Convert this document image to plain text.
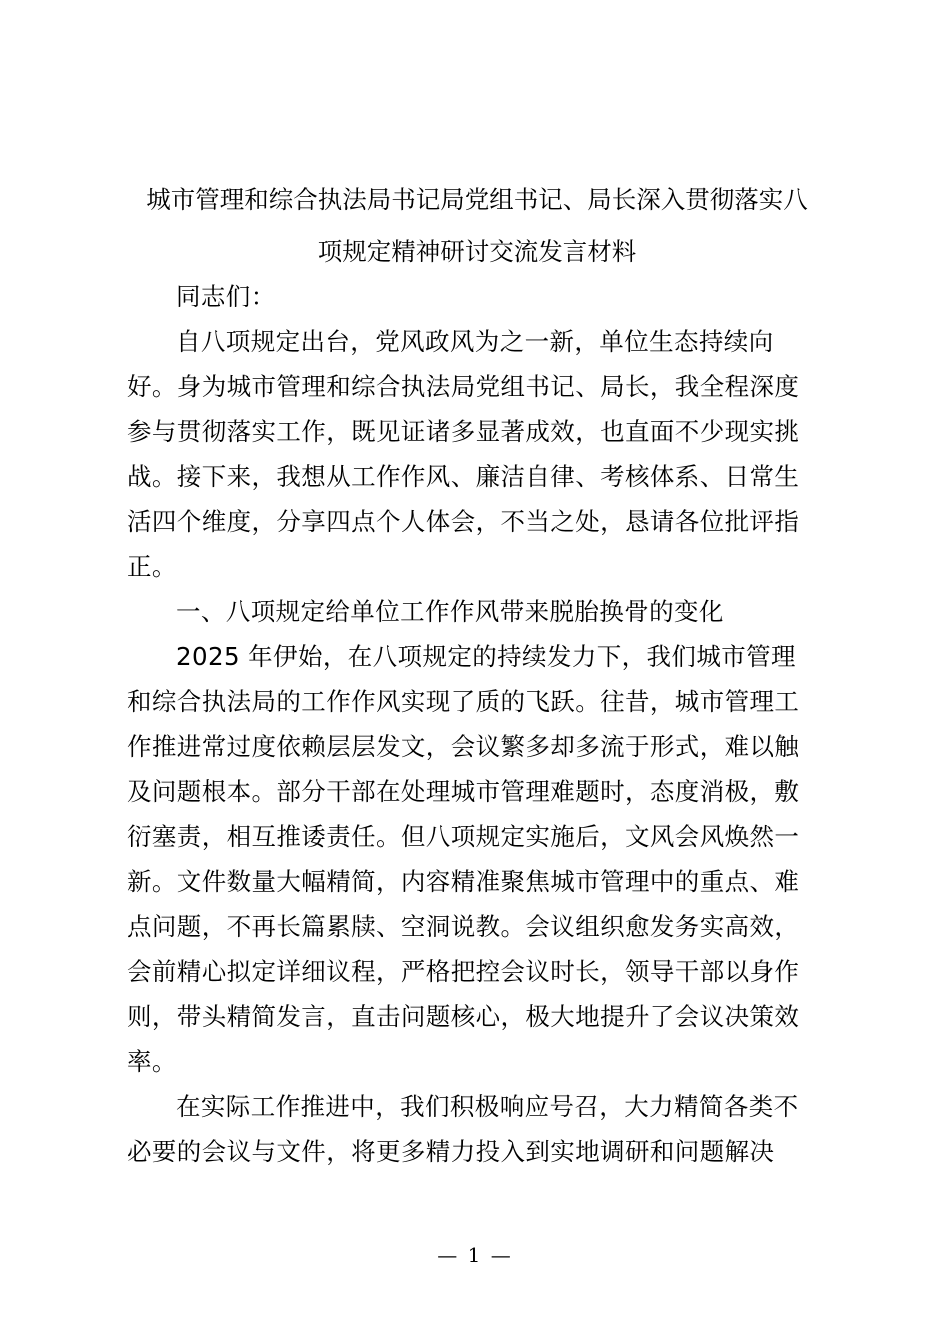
城市管理和综合执法局书记局党组书记、局长深入贯彻落实八
项规定精神研讨交流发言材料
同志们：
自八项规定出台，党风政风为之一新，单位生态持续向
好。身为城市管理和综合执法局党组书记、局长，我全程深度
参与贯彻落实工作，既见证诸多显著成效，也直面不少现实挑
战。接下来，我想从工作作风、廉洁自律、考核体系、日常生
活四个维度，分享四点个人体会，不当之处，恳请各位批评指
正。
一、八项规定给单位工作作风带来脱胎换骨的变化
2025 年伊始，在八项规定的持续发力下，我们城市管理
和综合执法局的工作作风实现了质的飞跃。往昔，城市管理工
作推进常过度依赖层层发文，会议繁多却多流于形式，难以触
及问题根本。部分干部在处理城市管理难题时，态度消极，敷
衍塞责，相互推诿责任。但八项规定实施后，文风会风焕然一
新。文件数量大幅精简，内容精准聚焦城市管理中的重点、难
点问题，不再长篇累牍、空洞说教。会议组织愈发务实高效，
会前精心拟定详细议程，严格把控会议时长，领导干部以身作
则，带头精简发言，直击问题核心，极大地提升了会议决策效
率。
在实际工作推进中，我们积极响应号召，大力精简各类不
必要的会议与文件，将更多精力投入到实地调研和问题解决
— 1 —
